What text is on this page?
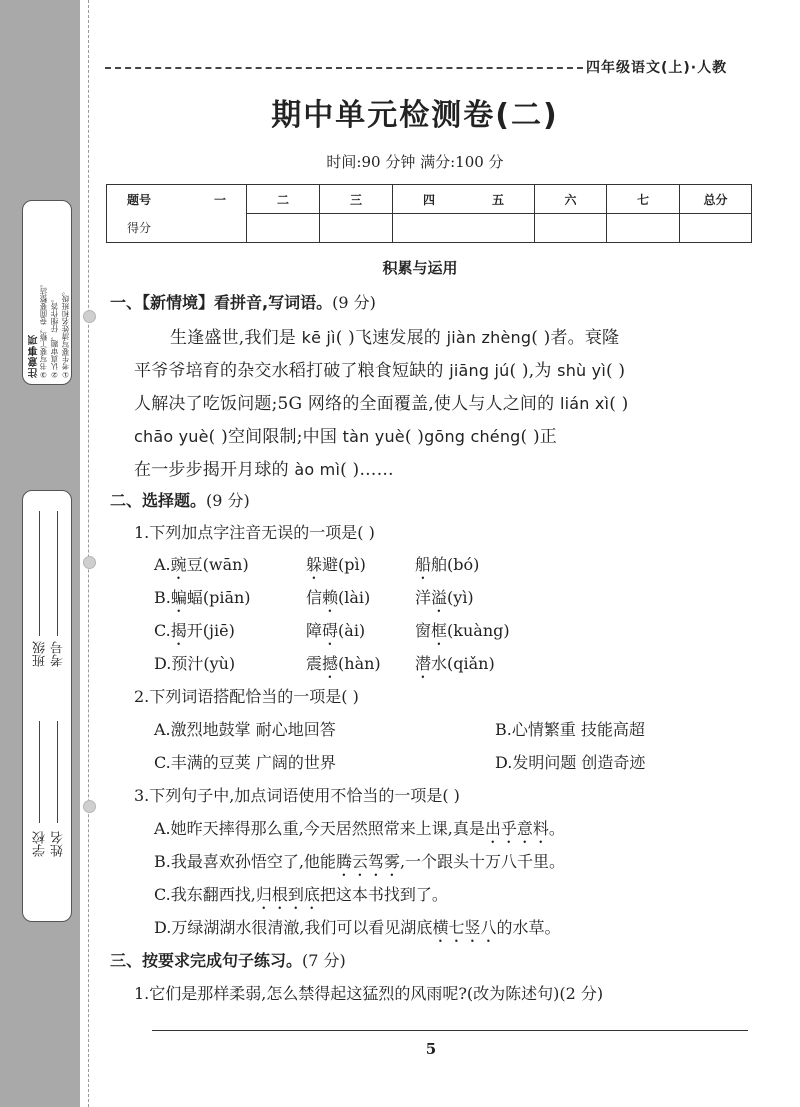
①考生要写清姓名和班级。
②认真审题，仔细作答。
③书写要工整，卷面要整洁。
注意事项
学校 姓名
班级 考号
四年级语文(上)·人教
期中单元检测卷(二)
时间:90 分钟 满分:100 分
题号 一	二	三	四 五	六	七	总分
得分						
积累与运用
一、【新情境】看拼音,写词语。(9 分)
生逢盛世,我们是 kē jì( )飞速发展的 jiàn zhèng( )者。衰隆
平爷爷培育的杂交水稻打破了粮食短缺的 jiāng jú( ),为 shù yì( )
人解决了吃饭问题;5G 网络的全面覆盖,使人与人之间的 lián xì( )
chāo yuè( )空间限制;中国 tàn yuè( )gōng chéng( )正
在一步步揭开月球的 ào mì( )……
二、选择题。(9 分)
1.下列加点字注音无误的一项是( )
A.豌豆(wān)	躲避(pì)	船舶(bó)
B.蝙蝠(piān)	信赖(lài)	洋溢(yì)
C.揭开(jiē)	障碍(ài)	窗框(kuàng)
D.预汁(yù)	震撼(hàn) 潜水(qiǎn)
2.下列词语搭配恰当的一项是( )
A.激烈地鼓掌 耐心地回答	B.心情繁重 技能高超
C.丰满的豆荚 广阔的世界	D.发明问题 创造奇迹
3.下列句子中,加点词语使用不恰当的一项是( )
A.她昨天摔得那么重,今天居然照常来上课,真是出乎意料。
B.我最喜欢孙悟空了,他能腾云驾雾,一个跟头十万八千里。
C.我东翻西找,归根到底把这本书找到了。
D.万绿湖湖水很清澈,我们可以看见湖底横七竖八的水草。
三、按要求完成句子练习。(7 分)
1.它们是那样柔弱,怎么禁得起这猛烈的风雨呢?(改为陈述句)(2 分)
5
